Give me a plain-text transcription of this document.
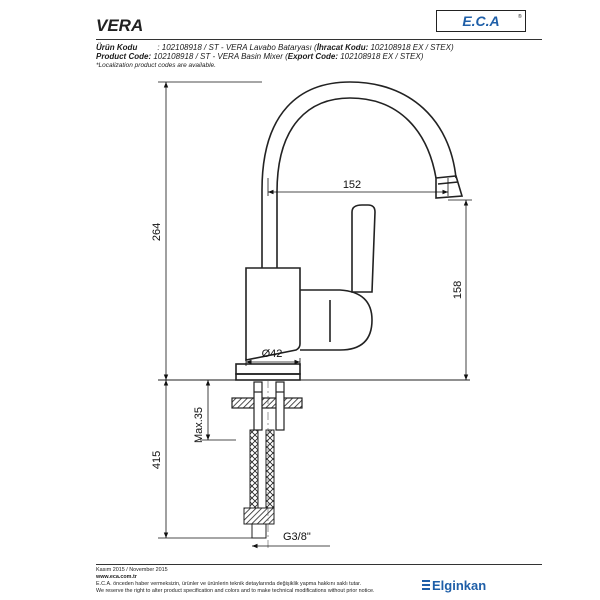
VERA	E.C.A	®
Ürün Kodu	: 102108918 / ST - VERA Lavabo Bataryası (İhracat Kodu: 102108918 EX / STEX)
Product Code: 102108918 / ST - VERA Basin Mixer (Export Code: 102108918 EX / STEX)
*Localization product codes are available.
264
152
158
Ø42
Max.35
415
G3/8"
Kasım 2015 / November 2015
www.eca.com.tr
E.C.A. önceden haber vermeksizin, ürünler ve ürünlerin teknik detaylarında değişiklik yapma hakkını saklı tutar.
We reserve the right to alter product specification and colors and to make technical modifications without prior notice.	Elginkan
